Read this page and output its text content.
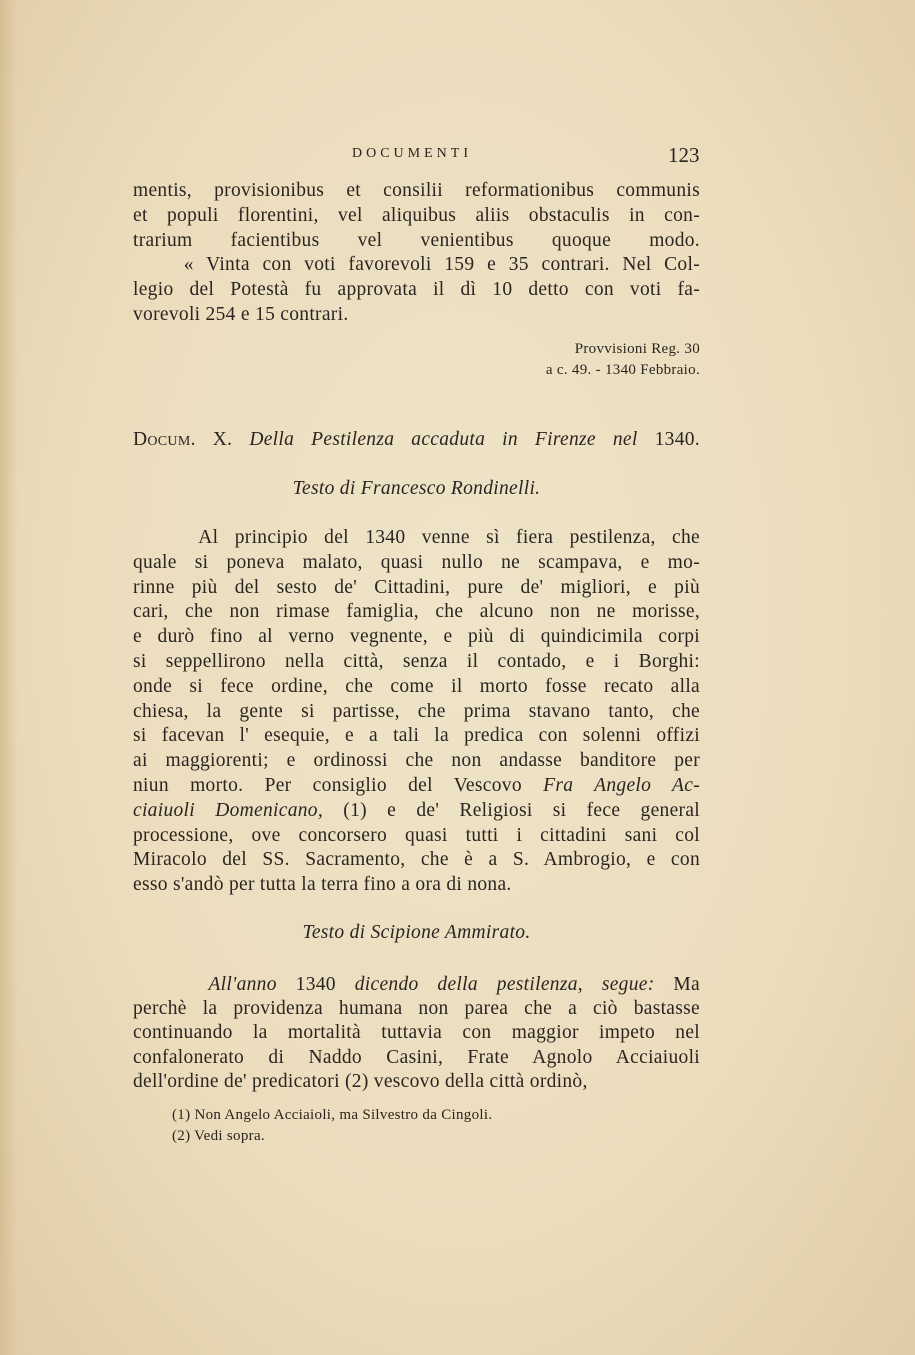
DOCUMENTI	123
mentis, provisionibus et consilii reformationibus communis
et populi florentini, vel aliquibus aliis obstaculis in con-
trarium facientibus vel venientibus quoque modo.
« Vinta con voti favorevoli 159 e 35 contrari. Nel Col-
legio del Potestà fu approvata il dì 10 detto con voti fa-
vorevoli 254 e 15 contrari.
Provvisioni Reg. 30
a c. 49. - 1340 Febbraio.
Docum. X. Della Pestilenza accaduta in Firenze nel 1340.
Testo di Francesco Rondinelli.
Al principio del 1340 venne sì fiera pestilenza, che
quale si poneva malato, quasi nullo ne scampava, e mo-
rinne più del sesto de' Cittadini, pure de' migliori, e più
cari, che non rimase famiglia, che alcuno non ne morisse,
e durò fino al verno vegnente, e più di quindicimila corpi
si seppellirono nella città, senza il contado, e i Borghi:
onde si fece ordine, che come il morto fosse recato alla
chiesa, la gente si partisse, che prima stavano tanto, che
si facevan l' esequie, e a tali la predica con solenni offizi
ai maggiorenti; e ordinossi che non andasse banditore per
niun morto. Per consiglio del Vescovo Fra Angelo Ac-
ciaiuoli Domenicano, (1) e de' Religiosi si fece general
processione, ove concorsero quasi tutti i cittadini sani col
Miracolo del SS. Sacramento, che è a S. Ambrogio, e con
esso s'andò per tutta la terra fino a ora di nona.
Testo di Scipione Ammirato.
All'anno 1340 dicendo della pestilenza, segue: Ma
perchè la providenza humana non parea che a ciò bastasse
continuando la mortalità tuttavia con maggior impeto nel
confalonerato di Naddo Casini, Frate Agnolo Acciaiuoli
dell'ordine de' predicatori (2) vescovo della città ordinò,
(1) Non Angelo Acciaioli, ma Silvestro da Cingoli.
(2) Vedi sopra.
